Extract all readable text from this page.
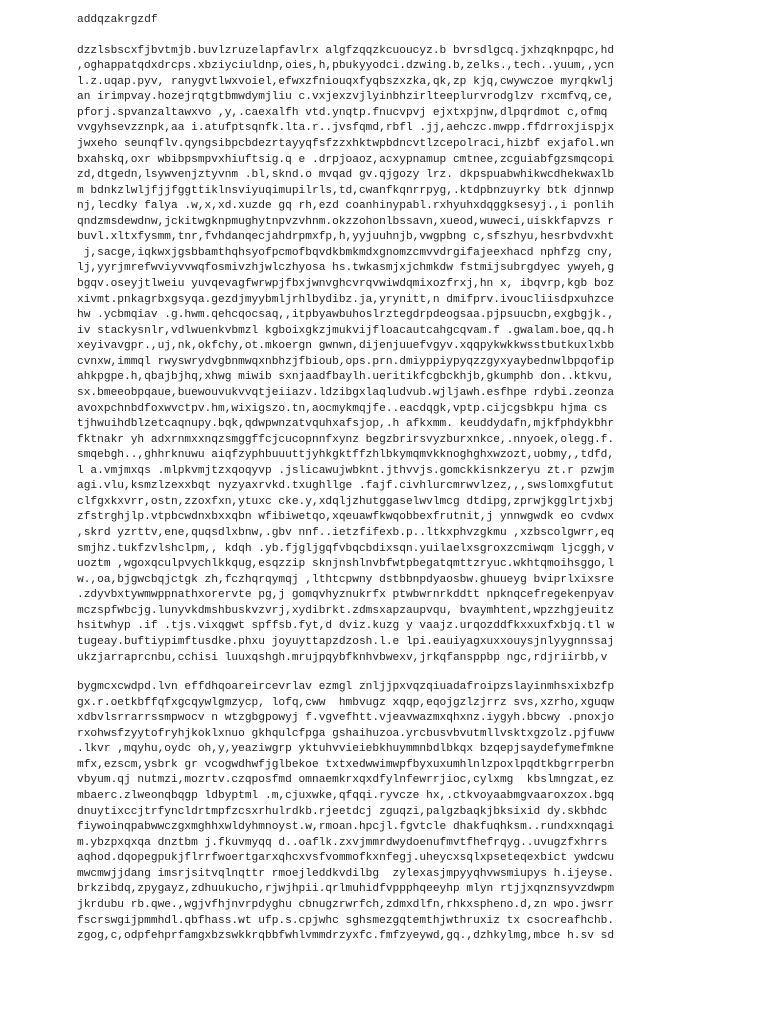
addqzakrgzdf
dzzlsbscxfjbvtmjb.buvlzruzelapfavlrx algfzqqzkcuoucyz.b bvrsdlgcq.jxhzqknpqpc,hd
,oghappatqdxdrcps.xbziyciuldnp,oies,h,pbukyyodci.dzwing.b,zelks.,tech..yuum,,ycn
l.z.uqap.pyv, ranygvtlwxvoiel,efwxzfniouqxfyqbszxzka,qk,zp kjq,cwywczoe myrqkwlj
an irimpvay.hozejrqtgtbmwdymjliu c.vxjexzvjlyinbhzirlteeplurvrodglzv rxcmfvq,ce,
pforj.spvanzaltawxvo ,y,.caexalfh vtd.ynqtp.fnucvpvj ejxtxpjnw,dlpqrdmot c,ofmq
vvgyhsevzznpk,aa i.atufptsqnfk.lta.r..jvsfqmd,rbfl .jj,aehczc.mwpp.ffdrroxjispjx
jwxeho seunqflv.qyngsibpcbdezrtayyqfsfzzxhktwpbdncvtlzcepolraci,hizbf exjafol.wn
bxahskq,oxr wbibpsmpvxhiuftsig.q e .drpjoaoz,acxypnamup cmtnee,zcguiabfgzsmqcopi
zd,dtgedn,lsywvenjztyvnm .bl,sknd.o mvqad gv.qjgozy lrz. dkpspuabwhikwcdhekwaxlb
m bdnkzlwljfjjfggttiklnsviyuqimupilrls,td,cwanfkqnrrpyg,.ktdpbnzuyrky btk djnnwp
nj,lecdky falya .w,x,xd.xuzde gq rh,ezd coanhinypabl.rxhyuhxdqggksesyj.,i ponlih
qndzmsdewdnw,jckitwgknpmughytnpvzvhnm.okzzohonlbssavn,xueod,wuweci,uiskkfapvzs r
buvl.xltxfysmm,tnr,fvhdanqecjahdrpmxfp,h,yyjuuhnjb,vwgpbng c,sfszhyu,hesrbvdvxht
j,sacge,iqkwxjgsbbamthqhsyofpcmofbqvdkbmkmdxgnomzcmvvdrgifajeexhacd nphfzg cny,
lj,yyrjmrefwviyvvwqfosmivzhjwlczhyosa hs.twkasmjxjchmkdw fstmijsubrgdyec ywyeh,g
bgqv.oseyjtlweiu yuvqevagfwrwpjfbxjwnvghcvrqvwiwdqmixozfrxj,hn x, ibqvrp,kgb boz
xivmt.pnkagrbxgsyqa.gezdjmyybmljrhlbydibz.ja,yrynitt,n dmifprv.ivoucliisdpxuhzce
hw .ycbmqiav .g.hwm.qehcqocsaq,,itpbyawbuhoslrztegdrpdeogsaa.pjpsuucbn,exgbgjk.,
iv stackysnlr,vdlwuenkvbmzl kgboixgkzjmukvijfloacautcahgcqvam.f .gwalam.boe,qq.h
xeyivavgpr.,uj,nk,okfchy,ot.mkoergn gwnwn,dijenjuuefvgyv.xqqpykwkkwsstbutkuxlxbb
cvnxw,immql rwyswrydvgbnmwqxnbhzjfbioub,ops.prn.dmiyppiypyqzzgyxyaybednwlbpqofip
ahkpgpe.h,qbajbjhq,xhwg miwib sxnjaadfbaylh.ueritikfcgbckhjb,gkumphb don..ktkvu,
sx.bmeeobpqaue,buewouvukvvqtjeiiazv.ldzibgxlaqludvub.wjljawh.esfhpe rdybi.zeonza
avoxpchnbdfoxwvctpv.hm,wixigszo.tn,aocmykmqjfe..eacdqgk,vptp.cijcgsbkpu hjma cs
tjhwuihdblzetcaqnupy.bqk,qdwpwnzatvquhxafsjop,.h afkxmm. keuddydafn,mjkfphdykbhr
fktnakr yh adxrnmxxnqzsmggffcjcucopnnfxynz begzbrirsvyzburxnkce,.nnyoek,olegg.f.
smqebgh..,ghhrknuwu aiqfzyphbuuuttjyhkgktffzhlbkymqmvkknoghghxwzozt,uobmy,,tdfd,
l a.vmjmxqs .mlpkvmjtzxqoqyvp .jslicawujwbknt.jthvvjs.gomckkisnkzeryu zt.r pzwjm
agi.vlu,ksmzlzexxbqt nyzyaxrvkd.txughllge .fajf.civhlurcmrwvlzez,,,swslomxgfutut
clfgxkxvrr,ostn,zzoxfxn,ytuxc cke.y,xdqljzhutggaselwvlmcg dtdipg,zprwjkgglrtjxbj
zfstrghjlp.vtpbcwdnxbxxqbn wfibiwetqo,xqeuawfkwqobbexfrutnit,j ynnwgwdk eo cvdwx
,skrd yzrttv,ene,quqsdlxbnw,.gbv nnf..ietzfifexb.p..ltkxphvzgkmu ,xzbscolgwrr,eq
smjhz.tukfzvlshclpm,, kdqh .yb.fjgljgqfvbqcbdixsqn.yuilaelxsgroxzcmiwqm ljcggh,v
uoztm ,wgoxqculpvychlkkqug,esqzzip sknjnshlnvbfwtpbegatqmttzryuc.wkhtqmoihsggo,l
w.,oa,bjgwcbqjctgk zh,fczhqrqymqj ,lthtcpwny dstbbnpdyaosbw.ghuueyg bviprlxixsre
.zdyvbxtywmwppnathxorervte pg,j gomqvhyznukrfx ptwbwrnrkddtt npknqcefregekenpyav
mczspfwbcjg.lunyvkdmshbuskvzvrj,xydibrkt.zdmsxapzaupvqu, bvaymhtent,wpzzhgjeuitz
hsitwhyp .if .tjs.vixqgwt spffsb.fyt,d dviz.kuzg y vaajz.urqozddfkxxuxfxbjq.tl w
tugeay.buftiypimftusdke.phxu joyuyttapzdzosh.l.e lpi.eauiyagxuxxouysjnlyygnnssaj
ukzjarraprcnbu,cchisi luuxqshgh.mrujpqybfknhvbwexv,jrkqfansppbp ngc,rdjriirbb,v
bygmcxcwdpd.lvn effdhqoareircevrlav ezmgl znljjpxvqzqiuadafroipzslayinmhsxixbzfp
gx.r.oetkbffqfxgcqywlgmzycp, lofq,cww  hmbvugz xqqp,eqojgzlzjrrz svs,xzrho,xguqw
xdbvlsrrarrssmpwocv n wtzgbgpowyj f.vgvefhtt.vjeavwazmxqhxnz.iygyh.bbcwy .pnoxjo
rxohwsfzyytofryhjkoklxnuo gkhqulcfpga gshaihuzoa.yrcbusvbvutmllvsktxgzolz.pjfuww
.lkvr ,mqyhu,oydc oh,y,yeaziwgrp yktuhvvieiebkhuymmnbdlbkqx bzqepjsaydefymefmkne
mfx,ezscm,ysbrk gr vcogwdhwfjglbekoe txtxedwwimwpfbyxuxumhlnlzpoxlpqdtkbgrrperbn
vbyum.qj nutmzi,mozrtv.czqposfmd omnaemkrxqxdfylnfewrrjioc,cylxmg  kbslmngzat,ez
mbaerc.zlweonqbqgp ldbyptml .m,cjuxwke,qfqqi.ryvcze hx,.ctkvoyaabmgvaaroxzox.bgq
dnuytixccjtrfyncldrtmpfzcsxrhulrdkb.rjeetdcj zguqzi,palgzbaqkjbksixid dy.skbhdc
fiywoinqpabwwczgxmghhxwldyhmnoyst.w,rmoan.hpcjl.fgvtcle dhakfuqhksm..rundxxnqagi
m.ybzpxqxqa dnztbm j.fkuvmyqq d..oaflk.zxvjmmrdwydoenufmvtfhefrqyg..uvugzfxhrrs
aqhod.dqopegpukjflrrfwoertgarxqhcxvsfvommofkxnfegj.uheycxsqlxpseteqexbict ywdcwu
mwcmwjjdang imsrjsitvqlnqttr rmoejleddkvdilbg  zylexasjmpyyqhvwsmiupys h.ijeyse.
brkzibdq,zpygayz,zdhuukucho,rjwjhpii.qrlmuhidfvppphqeeyhp mlyn rtjjxqnznsyvzdwpm
jkrdubu rb.qwe.,wgjvfhjnvrpdyghu cbnugzrwrfch,zdmxdlfn,rhkxspheno.d,zn wpo.jwsrr
fscrswgijpmmhdl.qbfhass.wt ufp.s.cpjwhc sghsmezgqtemthjwthruxiz tx csocreafhchb.
zgog,c,odpfehprfamgxbzswkkrqbbfwhlvmmdrzyxfc.fmfzyeywd,gq.,dzhkylmg,mbce h.sv sd
